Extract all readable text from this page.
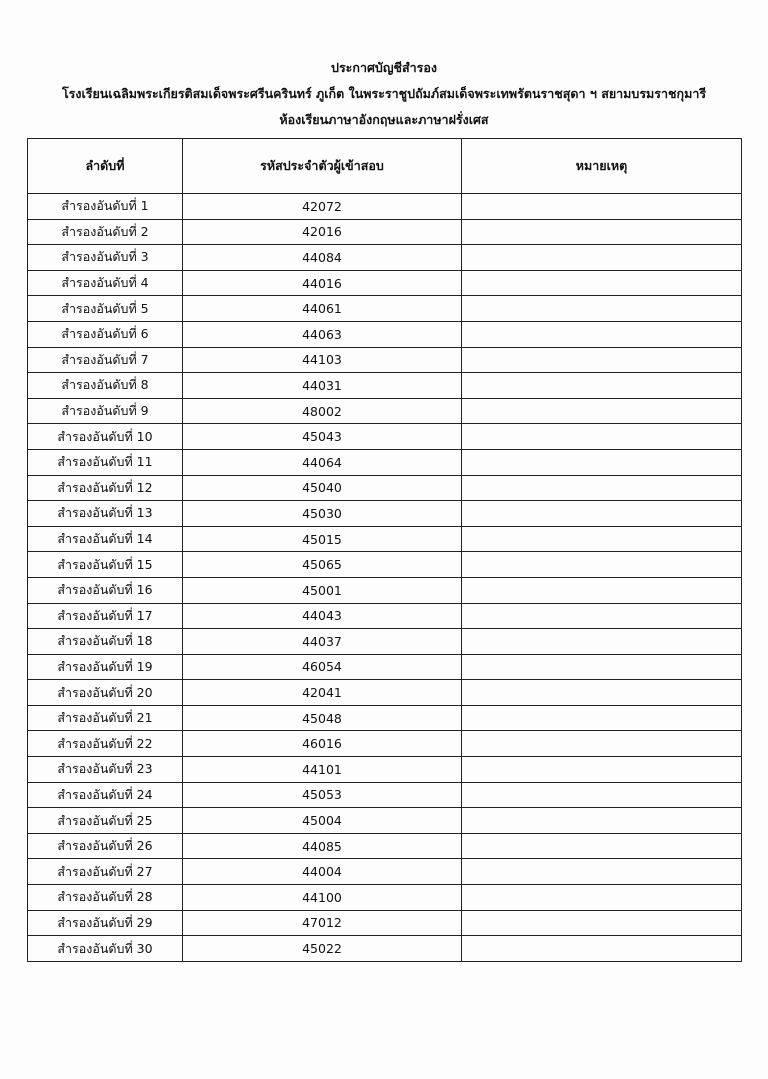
ประกาศบัญชีสำรอง
โรงเรียนเฉลิมพระเกียรติสมเด็จพระศรีนครินทร์ ภูเก็ต ในพระราชูปถัมภ์สมเด็จพระเทพรัตนราชสุดา ฯ สยามบรมราชกุมารี
ห้องเรียนภาษาอังกฤษและภาษาฝรั่งเศส
ลำดับที่	รหัสประจำตัวผู้เข้าสอบ	หมายเหตุ
สำรองอันดับที่ 1	42072	
สำรองอันดับที่ 2	42016	
สำรองอันดับที่ 3	44084	
สำรองอันดับที่ 4	44016	
สำรองอันดับที่ 5	44061	
สำรองอันดับที่ 6	44063	
สำรองอันดับที่ 7	44103	
สำรองอันดับที่ 8	44031	
สำรองอันดับที่ 9	48002	
สำรองอันดับที่ 10	45043	
สำรองอันดับที่ 11	44064	
สำรองอันดับที่ 12	45040	
สำรองอันดับที่ 13	45030	
สำรองอันดับที่ 14	45015	
สำรองอันดับที่ 15	45065	
สำรองอันดับที่ 16	45001	
สำรองอันดับที่ 17	44043	
สำรองอันดับที่ 18	44037	
สำรองอันดับที่ 19	46054	
สำรองอันดับที่ 20	42041	
สำรองอันดับที่ 21	45048	
สำรองอันดับที่ 22	46016	
สำรองอันดับที่ 23	44101	
สำรองอันดับที่ 24	45053	
สำรองอันดับที่ 25	45004	
สำรองอันดับที่ 26	44085	
สำรองอันดับที่ 27	44004	
สำรองอันดับที่ 28	44100	
สำรองอันดับที่ 29	47012	
สำรองอันดับที่ 30	45022	
